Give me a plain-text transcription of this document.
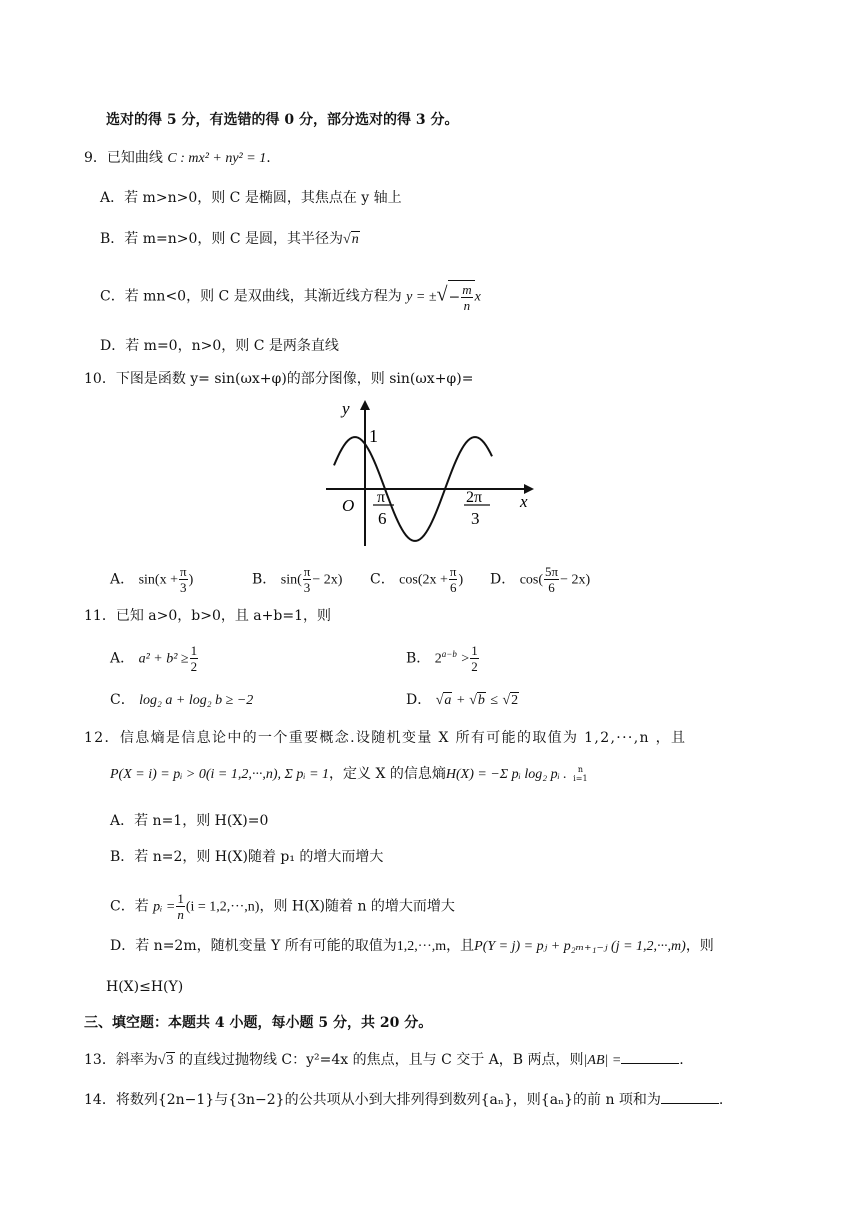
选对的得 5 分，有选错的得 0 分，部分选对的得 3 分。
9．已知曲线 C : mx² + ny² = 1.
A．若 m>n>0，则 C 是椭圆，其焦点在 y 轴上
B．若 m=n>0，则 C 是圆，其半径为√n
C．若 mn<0，则 C 是双曲线，其渐近线方程为 y = ±√− $\frac{m}{n}$ x
D．若 m=0，n>0，则 C 是两条直线
10．下图是函数 y= sin(ωx+φ)的部分图像，则 sin(ωx+φ)=
y
x
O
1
π
6
2π
3
A． $\sin(x + \frac{\pi}{3}$ )	B． $\sin( \frac{\pi}{3} - 2x)$ C． $\cos(2x + \frac{\pi}{6}$ ) D． $\cos( \frac{5\pi}{6} - 2x)$
11．已知 a>0，b>0，且 a+b=1，则
A． $a^2 + b^2 \ge \frac{1}{2}$	B． $2^{a-b} > \frac{1}{2}$
C． log₂ a + log₂ b ≥ −2	D． √a + √b ≤ √2
12．信息熵是信息论中的一个重要概念.设随机变量 X 所有可能的取值为 1,2,···,n ，且
P(X = i) = pᵢ > 0(i = 1,2,···,n), Σ pᵢ = 1，定义 X 的信息熵H(X) = −Σ pᵢ log₂ pᵢ . n
i=1
A．若 n=1，则 H(X)=0
B．若 n=2，则 H(X)随着 p₁ 的增大而增大
C．若 pᵢ = $\frac{1}{n} (i = 1,2,\cdot\cdot\cdot,n)$，则 H(X)随着 n 的增大而增大
D．若 n=2m，随机变量 Y 所有可能的取值为1,2,···,m，且P(Y = j) = pⱼ + p₂ₘ₊₁₋ⱼ (j = 1,2,···,m)，则
H(X)≤H(Y)
三、填空题：本题共 4 小题，每小题 5 分，共 20 分。
13．斜率为√3 的直线过抛物线 C：y²=4x 的焦点，且与 C 交于 A，B 两点，则|AB| =	.
14．将数列{2n−1}与{3n−2}的公共项从小到大排列得到数列{aₙ}，则{aₙ}的前 n 项和为	.
